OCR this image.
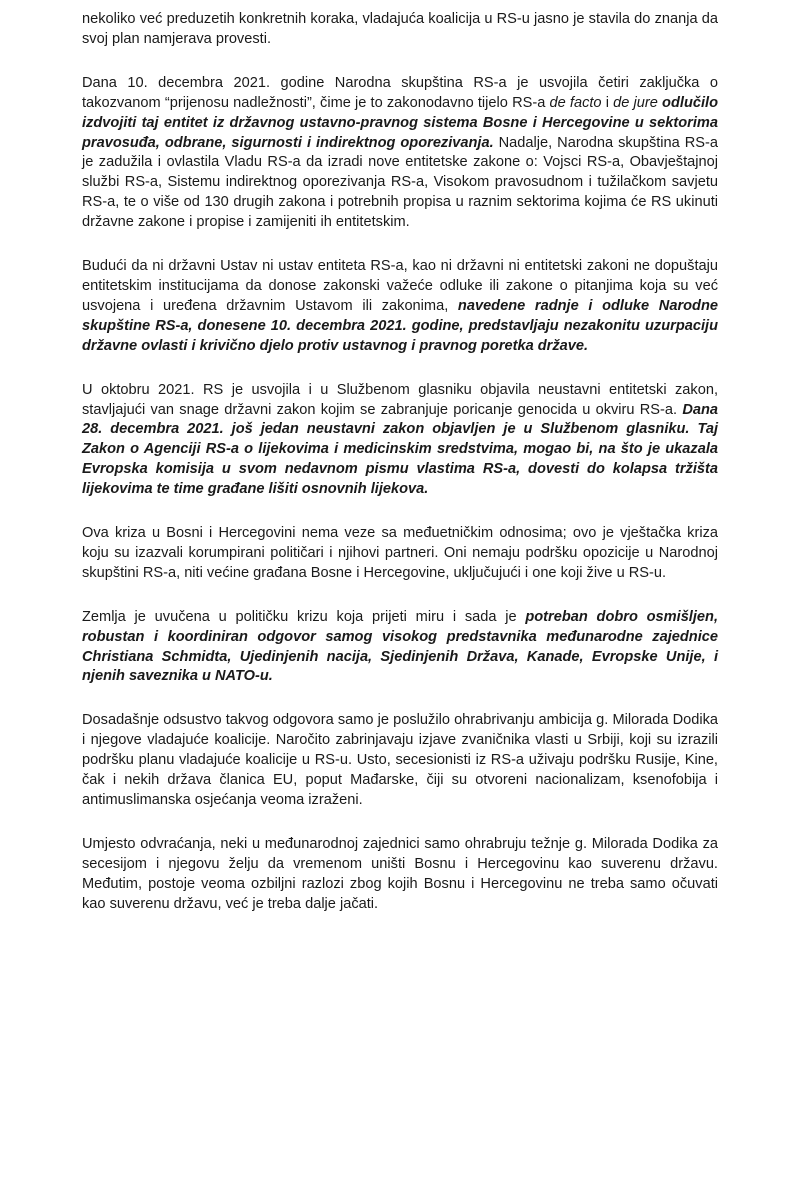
nekoliko već preduzetih konkretnih koraka, vladajuća koalicija u RS-u jasno je stavila do znanja da svoj plan namjerava provesti.

Dana 10. decembra 2021. godine Narodna skupština RS-a je usvojila četiri zaključka o takozvanom “prijenosu nadležnosti”, čime je to zakonodavno tijelo RS-a de facto i de jure odlučilo izdvojiti taj entitet iz državnog ustavno-pravnog sistema Bosne i Hercegovine u sektorima pravosuđa, odbrane, sigurnosti i indirektnog oporezivanja. Nadalje, Narodna skupština RS-a je zadužila i ovlastila Vladu RS-a da izradi nove entitetske zakone o: Vojsci RS-a, Obavještajnoj službi RS-a, Sistemu indirektnog oporezivanja RS-a, Visokom pravosudnom i tužilačkom savjetu RS-a, te o više od 130 drugih zakona i potrebnih propisa u raznim sektorima kojima će RS ukinuti državne zakone i propise i zamijeniti ih entitetskim.

Budući da ni državni Ustav ni ustav entiteta RS-a, kao ni državni ni entitetski zakoni ne dopuštaju entitetskim institucijama da donose zakonski važeće odluke ili zakone o pitanjima koja su već usvojena i uređena državnim Ustavom ili zakonima, navedene radnje i odluke Narodne skupštine RS-a, donesene 10. decembra 2021. godine, predstavljaju nezakonitu uzurpaciju državne ovlasti i krivično djelo protiv ustavnog i pravnog poretka države.

U oktobru 2021. RS je usvojila i u Službenom glasniku objavila neustavni entitetski zakon, stavljajući van snage državni zakon kojim se zabranjuje poricanje genocida u okviru RS-a. Dana 28. decembra 2021. još jedan neustavni zakon objavljen je u Službenom glasniku. Taj Zakon o Agenciji RS-a o lijekovima i medicinskim sredstvima, mogao bi, na što je ukazala Evropska komisija u svom nedavnom pismu vlastima RS-a, dovesti do kolapsa tržišta lijekovima te time građane lišiti osnovnih lijekova.

Ova kriza u Bosni i Hercegovini nema veze sa međuetničkim odnosima; ovo je vještačka kriza koju su izazvali korumpirani političari i njihovi partneri. Oni nemaju podršku opozicije u Narodnoj skupštini RS-a, niti većine građana Bosne i Hercegovine, uključujući i one koji žive u RS-u.

Zemlja je uvučena u političku krizu koja prijeti miru i sada je potreban dobro osmišljen, robustan i koordiniran odgovor samog visokog predstavnika međunarodne zajednice Christiana Schmidta, Ujedinjenih nacija, Sjedinjenih Država, Kanade, Evropske Unije, i njenih saveznika u NATO-u.

Dosadašnje odsustvo takvog odgovora samo je poslužilo ohrabrivanju ambicija g. Milorada Dodika i njegove vladajuće koalicije. Naročito zabrinjavaju izjave zvaničnika vlasti u Srbiji, koji su izrazili podršku planu vladajuće koalicije u RS-u. Usto, secesionisti iz RS-a uživaju podršku Rusije, Kine, čak i nekih država članica EU, poput Mađarske, čiji su otvoreni nacionalizam, ksenofobija i antimuslimanska osjećanja veoma izraženi.

Umjesto odvraćanja, neki u međunarodnoj zajednici samo ohrabruju težnje g. Milorada Dodika za secesijom i njegovu želju da vremenom uništi Bosnu i Hercegovinu kao suverenu državu. Međutim, postoje veoma ozbiljni razlozi zbog kojih Bosnu i Hercegovinu ne treba samo očuvati kao suverenu državu, već je treba dalje jačati.
